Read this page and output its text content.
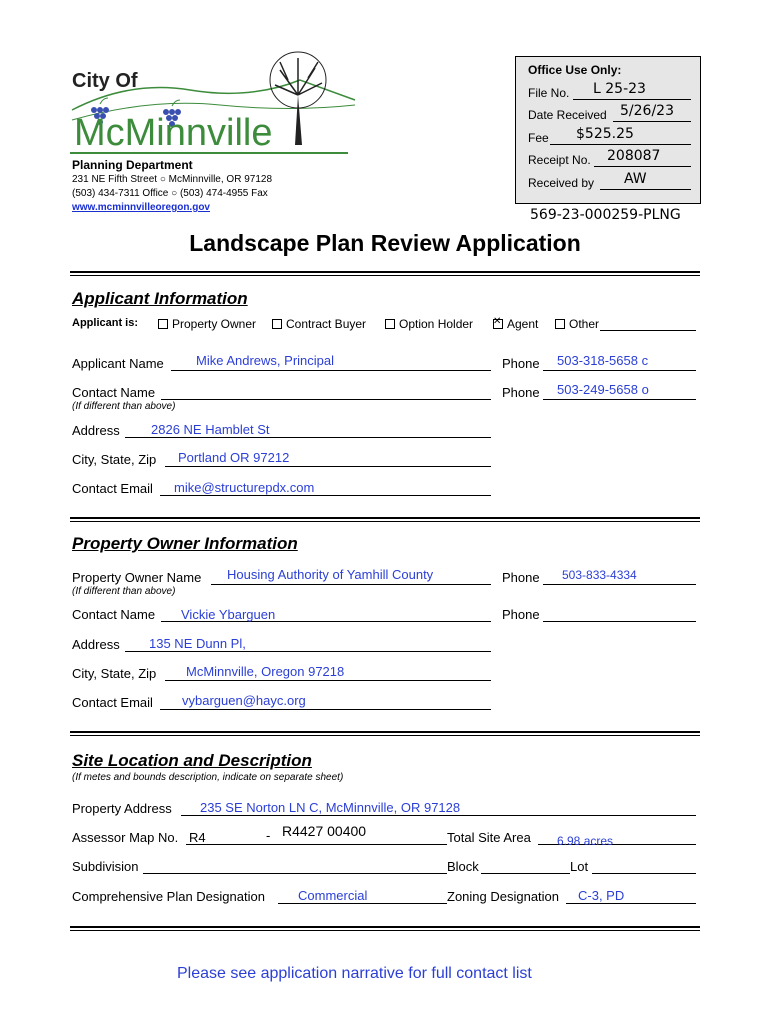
City Of
McMinnville
Planning Department
231 NE Fifth Street ○ McMinnville, OR 97128
(503) 434-7311 Office ○ (503) 474-4955 Fax
www.mcminnvilleoregon.gov
Office Use Only:
File No. L 25-23
Date Received 5/26/23
Fee $525.25
Receipt No. 208087
Received by AW
569-23-000259-PLNG
Landscape Plan Review Application
Applicant Information
Applicant is:	Property Owner	Contract Buyer	Option Holder
✕	Agent	Other
Applicant Name Mike Andrews, Principal	Phone 503-318-5658 c
Contact Name
(If different than above)
Phone 503-249-5658 o
Address 2826 NE Hamblet St
City, State, Zip Portland OR 97212
Contact Email mike@structurepdx.com
Property Owner Information
Property Owner Name Housing Authority of Yamhill County
(If different than above)
Phone 503-833-4334
Contact Name Vickie Ybarguen	Phone
Address 135 NE Dunn Pl,
City, State, Zip McMinnville, Oregon 97218
Contact Email vybarguen@hayc.org
Site Location and Description
(If metes and bounds description, indicate on separate sheet)
Property Address 235 SE Norton LN C, McMinnville, OR 97128
Assessor Map No. R4	- R4427 00400	Total Site Area 6.98 acres
Subdivision	Block	Lot
Comprehensive Plan Designation	Commercial	Zoning Designation C-3, PD
Please see application narrative for full contact list
